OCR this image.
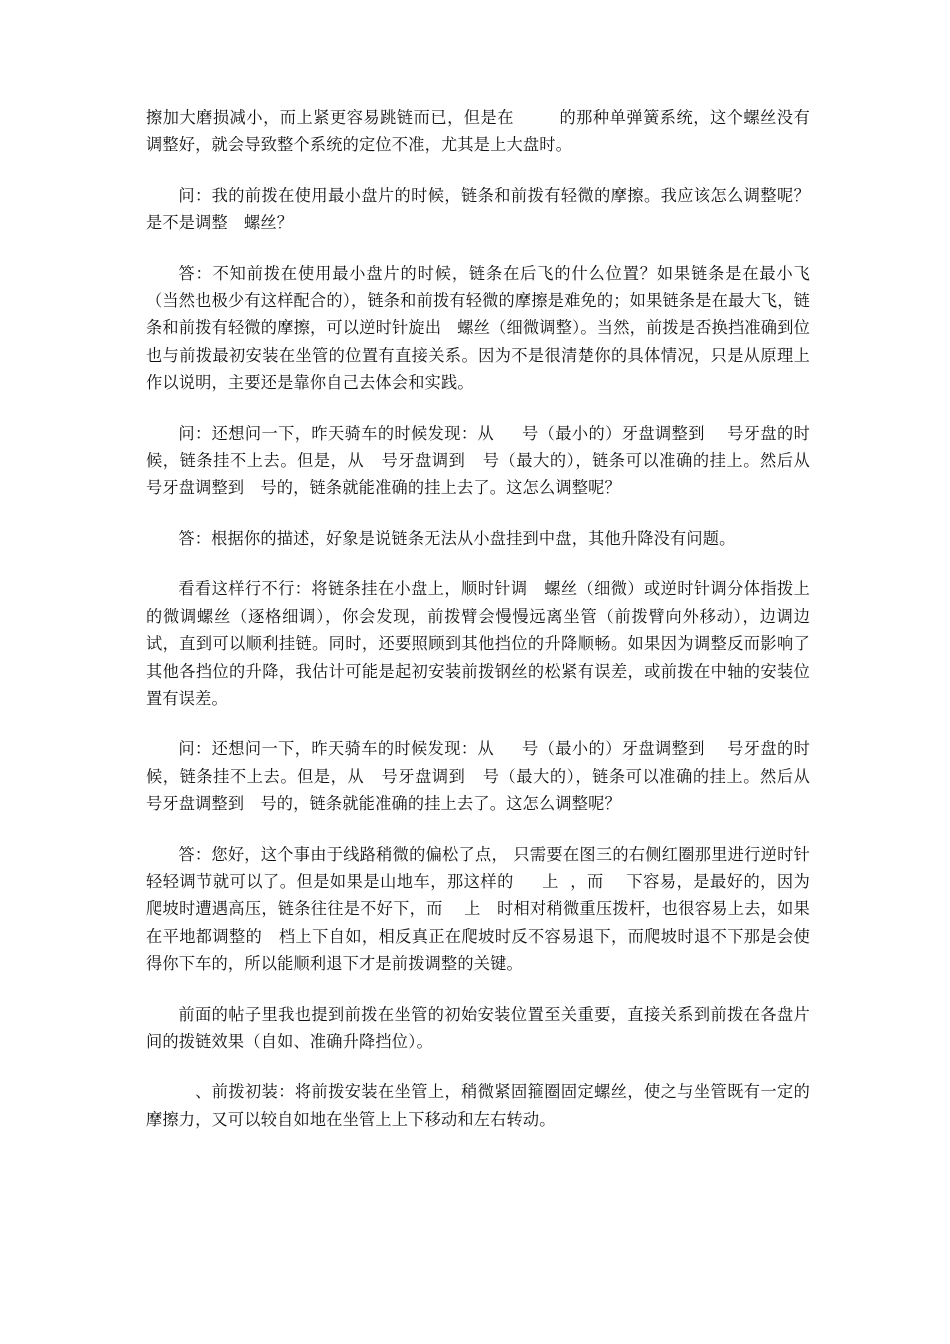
擦加大磨损减小，而上紧更容易跳链而已，但是在        的那种单弹簧系统，这个螺丝没有调整好，就会导致整个系统的定位不准，尤其是上大盘时。

问：我的前拨在使用最小盘片的时候，链条和前拨有轻微的摩擦。我应该怎么调整呢？是不是调整   螺丝？

答：不知前拨在使用最小盘片的时候，链条在后飞的什么位置？如果链条是在最小飞（当然也极少有这样配合的），链条和前拨有轻微的摩擦是难免的；如果链条是在最大飞，链条和前拨有轻微的摩擦，可以逆时针旋出   螺丝（细微调整）。当然，前拨是否换挡准确到位也与前拨最初安装在坐管的位置有直接关系。因为不是很清楚你的具体情况，只是从原理上作以说明，主要还是靠你自己去体会和实践。

问：还想问一下，昨天骑车的时候发现：从     号（最小的）牙盘调整到    号牙盘的时候，链条挂不上去。但是，从   号牙盘调到   号（最大的），链条可以准确的挂上。然后从   号牙盘调整到   号的，链条就能准确的挂上去了。这怎么调整呢？

答：根据你的描述，好象是说链条无法从小盘挂到中盘，其他升降没有问题。

看看这样行不行：将链条挂在小盘上，顺时针调   螺丝（细微）或逆时针调分体指拨上的微调螺丝（逐格细调），你会发现，前拨臂会慢慢远离坐管（前拨臂向外移动），边调边试，直到可以顺利挂链。同时，还要照顾到其他挡位的升降顺畅。如果因为调整反而影响了其他各挡位的升降，我估计可能是起初安装前拨钢丝的松紧有误差，或前拨在中轴的安装位置有误差。

问：还想问一下，昨天骑车的时候发现：从     号（最小的）牙盘调整到    号牙盘的时候，链条挂不上去。但是，从   号牙盘调到   号（最大的），链条可以准确的挂上。然后从   号牙盘调整到   号的，链条就能准确的挂上去了。这怎么调整呢？

答：您好，这个事由于线路稍微的偏松了点， 只需要在图三的右侧红圈那里进行逆时针轻轻调节就可以了。但是如果是山地车，那这样的     上  ，而    下容易，是最好的，因为爬坡时遭遇高压，链条往往是不好下，而    上   时相对稍微重压拨杆，也很容易上去，如果在平地都调整的   档上下自如，相反真正在爬坡时反不容易退下，而爬坡时退不下那是会使得你下车的，所以能顺利退下才是前拨调整的关键。

前面的帖子里我也提到前拨在坐管的初始安装位置至关重要，直接关系到前拨在各盘片间的拨链效果（自如、准确升降挡位）。

、前拨初装：将前拨安装在坐管上，稍微紧固箍圈固定螺丝，使之与坐管既有一定的摩擦力，又可以较自如地在坐管上上下移动和左右转动。
